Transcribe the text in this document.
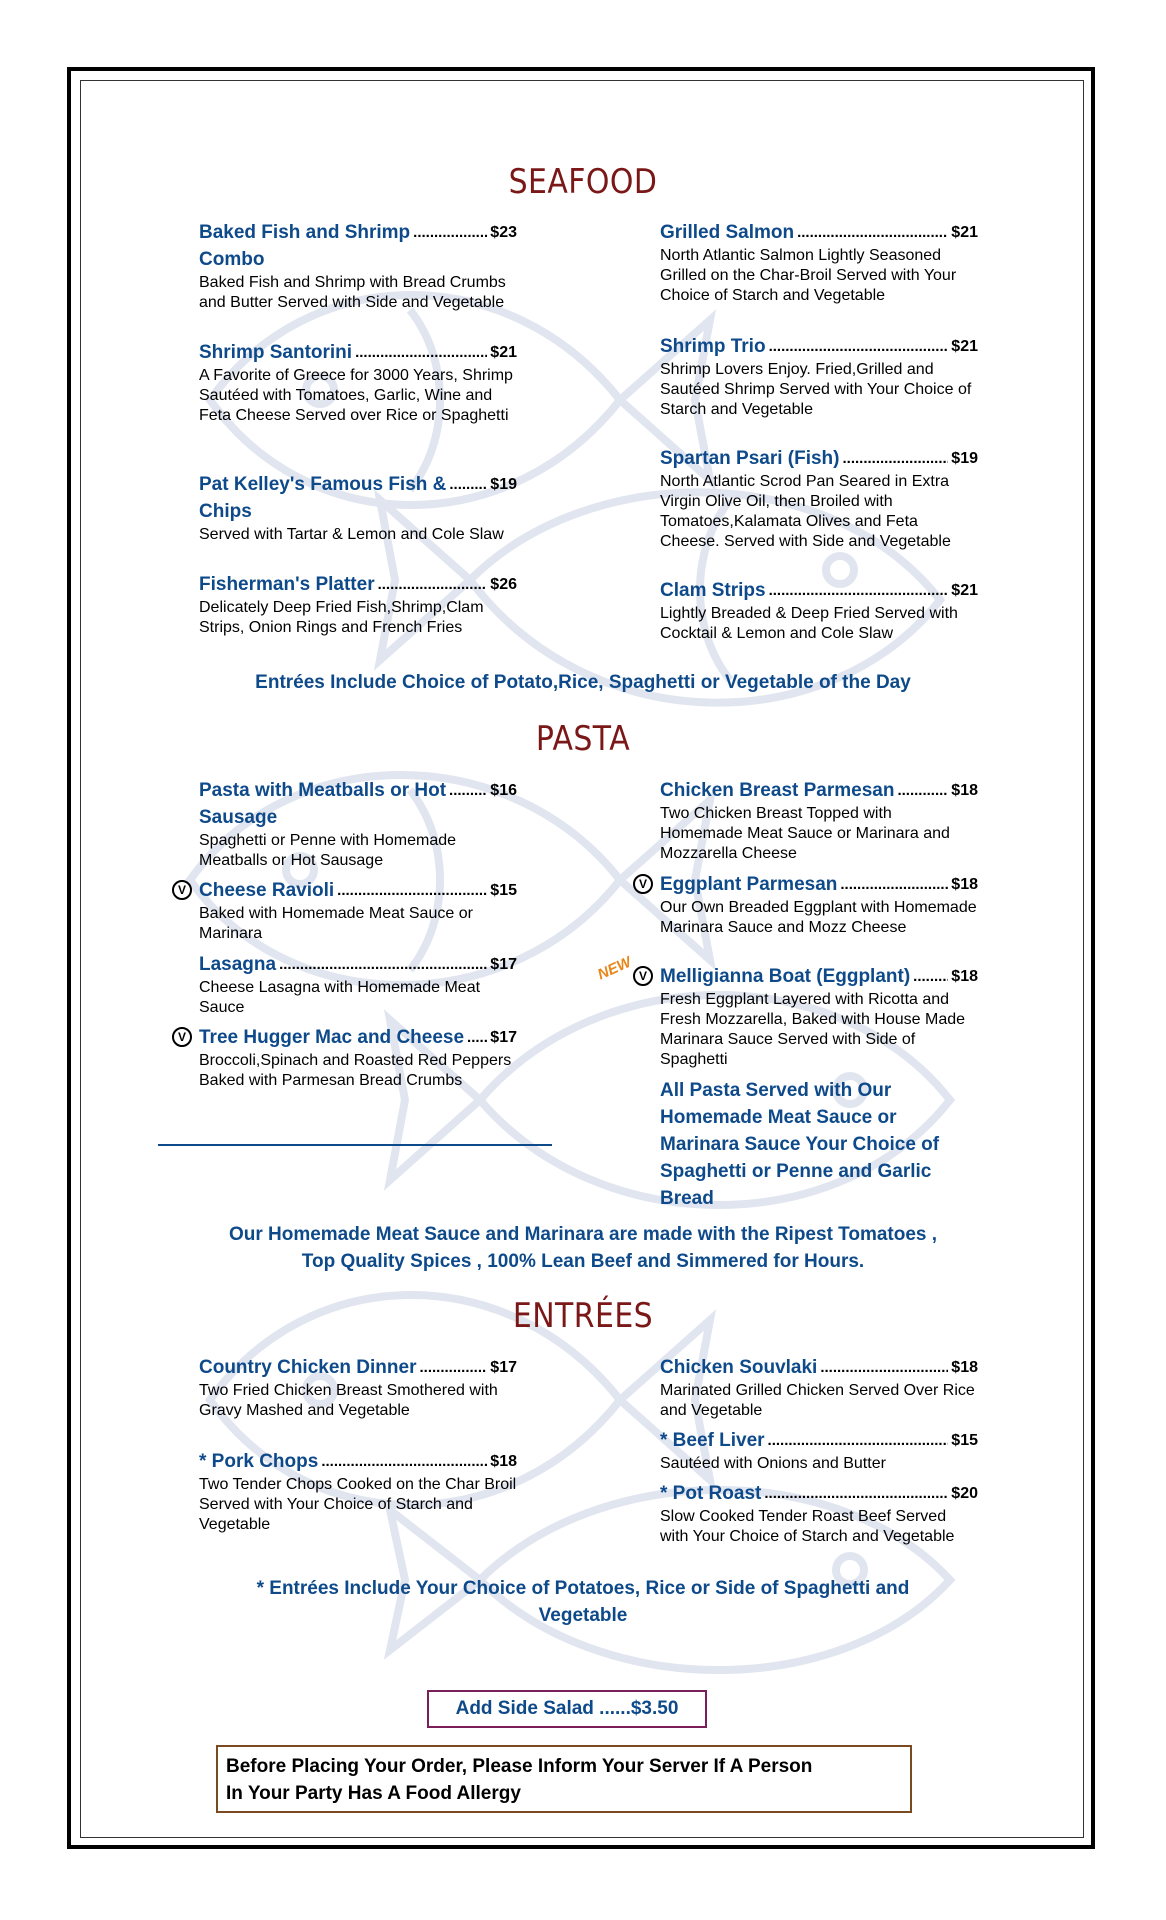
SEAFOOD
Baked Fish and Shrimp .....	$23
Combo
Baked Fish and Shrimp with Bread Crumbs and Butter Served with Side and Vegetable
Shrimp Santorini .....	$21
A Favorite of Greece for 3000 Years, Shrimp Sautéed with Tomatoes, Garlic, Wine and Feta Cheese Served over Rice or Spaghetti
Pat Kelley's Famous Fish & .....	$19
Chips
Served with Tartar & Lemon and Cole Slaw
Fisherman's Platter .....	$26
Delicately Deep Fried Fish,Shrimp,Clam Strips, Onion Rings and French Fries
Grilled Salmon .....	$21
North Atlantic Salmon Lightly Seasoned Grilled on the Char-Broil Served with Your Choice of Starch and Vegetable
Shrimp Trio .....	$21
Shrimp Lovers Enjoy. Fried,Grilled and Sautéed Shrimp Served with Your Choice of Starch and Vegetable
Spartan Psari (Fish) .....	$19
North Atlantic Scrod Pan Seared in Extra Virgin Olive Oil, then Broiled with Tomatoes,Kalamata Olives and Feta Cheese. Served with Side and Vegetable
Clam Strips .....	$21
Lightly Breaded & Deep Fried Served with Cocktail & Lemon and Cole Slaw
Entrées Include Choice of Potato,Rice, Spaghetti or Vegetable of the Day
PASTA
Pasta with Meatballs or Hot .....	$16
Sausage
Spaghetti or Penne with Homemade Meatballs or Hot Sausage
V Cheese Ravioli .....	$15
Baked with Homemade Meat Sauce or Marinara
Lasagna .....	$17
Cheese Lasagna with Homemade Meat Sauce
V Tree Hugger Mac and Cheese ..... $17
Broccoli,Spinach and Roasted Red Peppers Baked with Parmesan Bread Crumbs
Chicken Breast Parmesan .....	$18
Two Chicken Breast Topped with Homemade Meat Sauce or Marinara and Mozzarella Cheese
V Eggplant Parmesan .....	$18
Our Own Breaded Eggplant with Homemade Marinara Sauce and Mozz Cheese
NEW V Melligianna Boat (Eggplant) .....	$18
Fresh Eggplant Layered with Ricotta and Fresh Mozzarella, Baked with House Made Marinara Sauce Served with Side of Spaghetti
All Pasta Served with Our Homemade Meat Sauce or Marinara Sauce Your Choice of Spaghetti or Penne and Garlic Bread
Our Homemade Meat Sauce and Marinara are made with the Ripest Tomatoes ,
Top Quality Spices , 100% Lean Beef and Simmered for Hours.
ENTRÉES
Country Chicken Dinner .....	$17
Two Fried Chicken Breast Smothered with Gravy Mashed and Vegetable
* Pork Chops .....	$18
Two Tender Chops Cooked on the Char Broil Served with Your Choice of Starch and Vegetable
Chicken Souvlaki .....	$18
Marinated Grilled Chicken Served Over Rice and Vegetable
* Beef Liver .....	$15
Sautéed with Onions and Butter
* Pot Roast .....	$20
Slow Cooked Tender Roast Beef Served with Your Choice of Starch and Vegetable
* Entrées Include Your Choice of Potatoes, Rice or Side of Spaghetti and
Vegetable
Add Side Salad ......$3.50
Before Placing Your Order, Please Inform Your Server If A Person
In Your Party Has A Food Allergy
